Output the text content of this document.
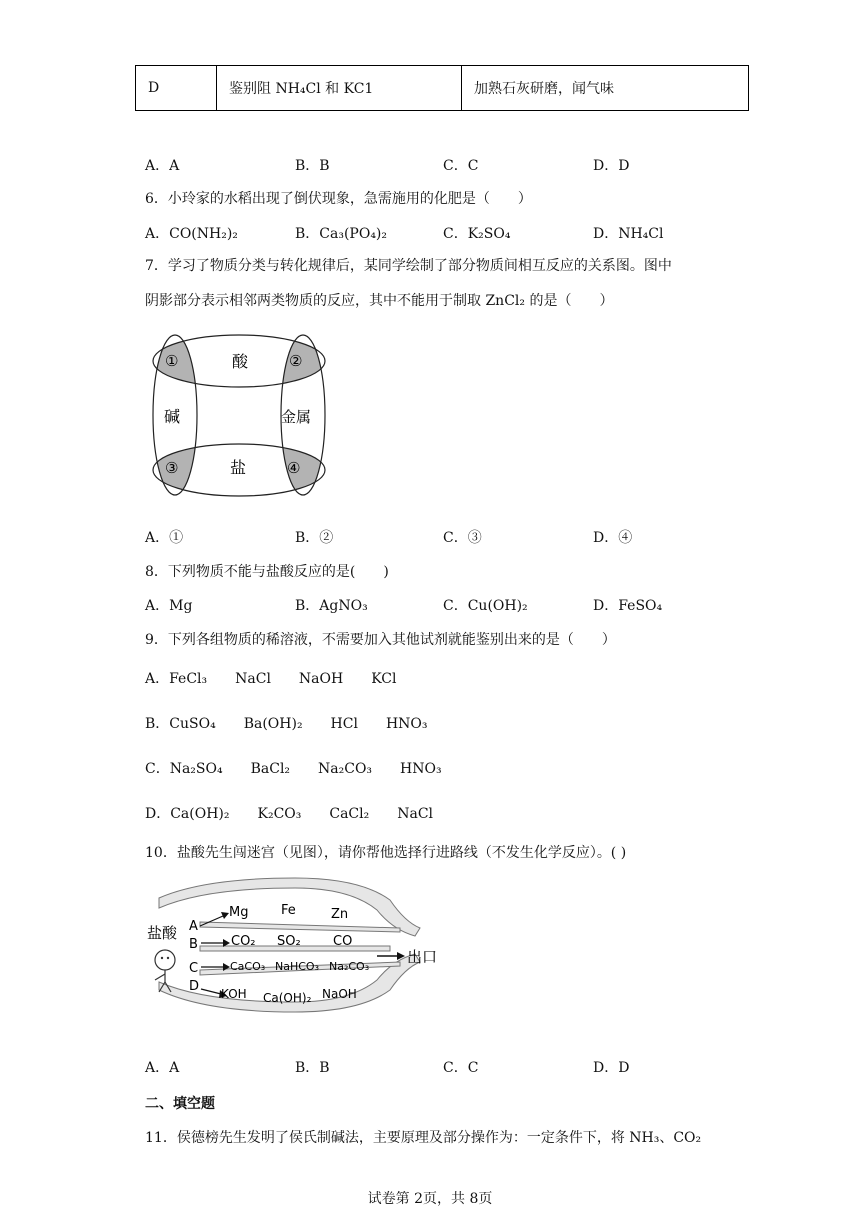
D	鉴别阻 NH₄Cl 和 KC1	加熟石灰研磨，闻气味
A．A	B．B	C．C	D．D
6．小玲家的水稻出现了倒伏现象，急需施用的化肥是（　　）
A．CO(NH₂)₂	B．Ca₃(PO₄)₂	C．K₂SO₄	D．NH₄Cl
7．学习了物质分类与转化规律后，某同学绘制了部分物质间相互反应的关系图。图中
阴影部分表示相邻两类物质的反应，其中不能用于制取 ZnCl₂ 的是（　　）
酸
碱	金属
盐
①	②
③	④
A．①	B．②	C．③	D．④
8．下列物质不能与盐酸反应的是(　　)
A．Mg	B．AgNO₃	C．Cu(OH)₂	D．FeSO₄
9．下列各组物质的稀溶液，不需要加入其他试剂就能鉴别出来的是（　　）
A．FeCl₃　　NaCl　　NaOH　　KCl
B．CuSO₄　　Ba(OH)₂　　HCl　　HNO₃
C．Na₂SO₄　　BaCl₂　　Na₂CO₃　　HNO₃
D．Ca(OH)₂　　K₂CO₃　　CaCl₂　　NaCl
10．盐酸先生闯迷宫（见图），请你帮他选择行进路线（不发生化学反应）。( )
出口
盐酸 A
B
C
D
Mg	Fe	Zn
CO₂ SO₂ CO
CaCO₃ NaHCO₃ Na₂CO₃
KOH Ca(OH)₂ NaOH
A．A	B．B	C．C	D．D
二、填空题
11．侯德榜先生发明了侯氏制碱法，主要原理及部分操作为：一定条件下，将 NH₃、CO₂
试卷第 2页，共 8页
